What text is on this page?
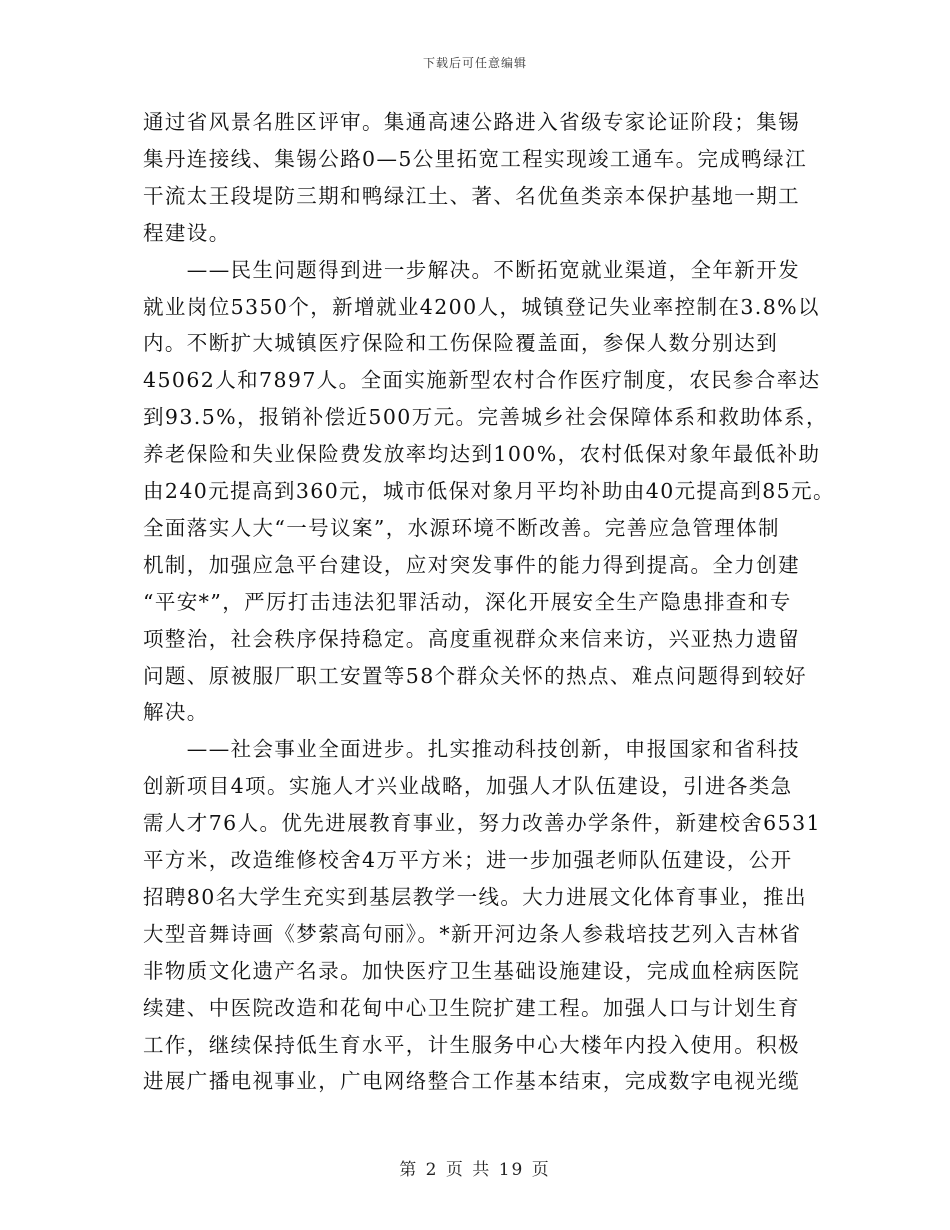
下载后可任意编辑
通过省风景名胜区评审。集通高速公路进入省级专家论证阶段；集锡
集丹连接线、集锡公路0—5公里拓宽工程实现竣工通车。完成鸭绿江
干流太王段堤防三期和鸭绿江土、著、名优鱼类亲本保护基地一期工
程建设。
　　——民生问题得到进一步解决。不断拓宽就业渠道，全年新开发
就业岗位5350个，新增就业4200人，城镇登记失业率控制在3.8%以
内。不断扩大城镇医疗保险和工伤保险覆盖面，参保人数分别达到
45062人和7897人。全面实施新型农村合作医疗制度，农民参合率达
到93.5%，报销补偿近500万元。完善城乡社会保障体系和救助体系，
养老保险和失业保险费发放率均达到100%，农村低保对象年最低补助
由240元提高到360元，城市低保对象月平均补助由40元提高到85元。
全面落实人大“一号议案”，水源环境不断改善。完善应急管理体制
机制，加强应急平台建设，应对突发事件的能力得到提高。全力创建
“平安*”，严厉打击违法犯罪活动，深化开展安全生产隐患排查和专
项整治，社会秩序保持稳定。高度重视群众来信来访，兴亚热力遗留
问题、原被服厂职工安置等58个群众关怀的热点、难点问题得到较好
解决。
　　——社会事业全面进步。扎实推动科技创新，申报国家和省科技
创新项目4项。实施人才兴业战略，加强人才队伍建设，引进各类急
需人才76人。优先进展教育事业，努力改善办学条件，新建校舍6531
平方米，改造维修校舍4万平方米；进一步加强老师队伍建设，公开
招聘80名大学生充实到基层教学一线。大力进展文化体育事业，推出
大型音舞诗画《梦萦高句丽》。*新开河边条人参栽培技艺列入吉林省
非物质文化遗产名录。加快医疗卫生基础设施建设，完成血栓病医院
续建、中医院改造和花甸中心卫生院扩建工程。加强人口与计划生育
工作，继续保持低生育水平，计生服务中心大楼年内投入使用。积极
进展广播电视事业，广电网络整合工作基本结束，完成数字电视光缆
第 2 页 共 19 页
